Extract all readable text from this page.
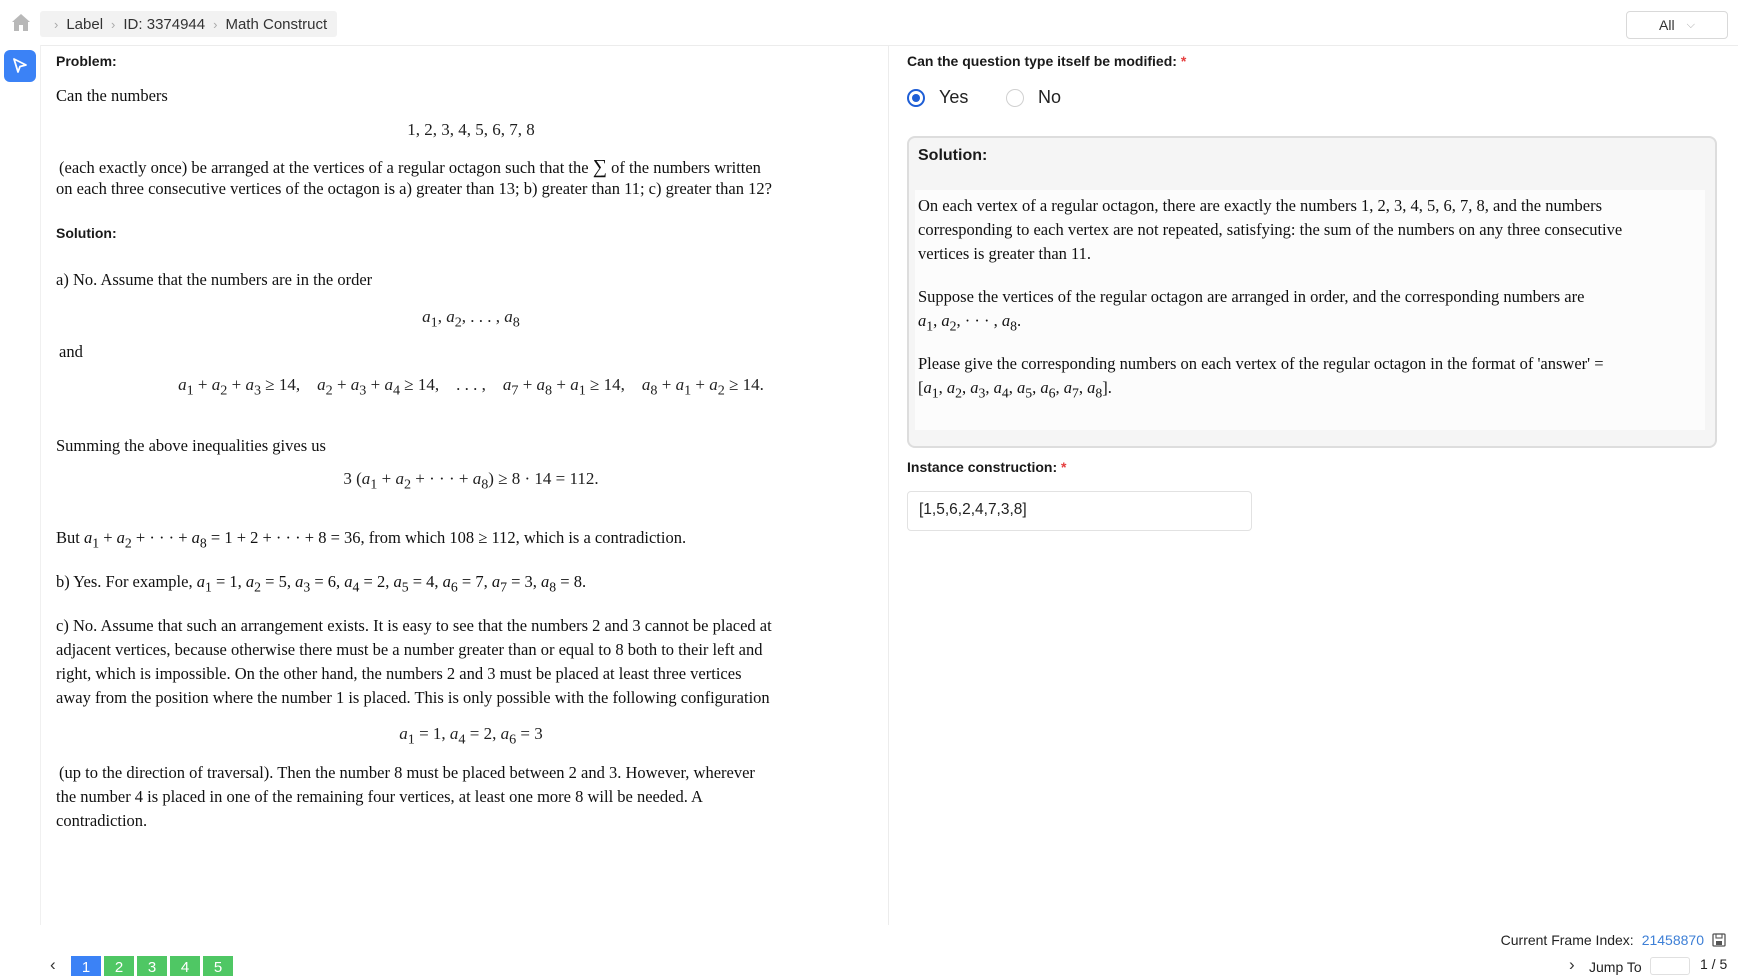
› Label › ID: 3374944 › Math Construct	All ⌵
Problem:
Can the numbers
1, 2, 3, 4, 5, 6, 7, 8
(each exactly once) be arranged at the vertices of a regular octagon such that the ∑ of the numbers written
on each three consecutive vertices of the octagon is a) greater than 13; b) greater than 11; c) greater than 12?
Solution:
a) No. Assume that the numbers are in the order
$a_1$, $a_2$, . . . , $a_8$
and
$a_1 + a_2 + a_3 \ge 14$,    $a_2 + a_3 + a_4 \ge 14$,    . . . ,    $a_7 + a_8 + a_1 \ge 14$,    $a_8 + a_1 + a_2 \ge 14$.
Summing the above inequalities gives us
3 ($a_1 + a_2$ + · · · + $a_8) \ge 8 \cdot 14 = 112$.
But $a_1 + a_2$ + · · · + $a_8 = 1 + 2$ + · · · + 8 = 36, from which 108 ≥ 112, which is a contradiction.
b) Yes. For example, $a_1 = 1$, $a_2 = 5$, $a_3 = 6$, $a_4 = 2$, $a_5 = 4$, $a_6 = 7$, $a_7 = 3$, $a_8 = 8$.
c) No. Assume that such an arrangement exists. It is easy to see that the numbers 2 and 3 cannot be placed at
adjacent vertices, because otherwise there must be a number greater than or equal to 8 both to their left and
right, which is impossible. On the other hand, the numbers 2 and 3 must be placed at least three vertices
away from the position where the number 1 is placed. This is only possible with the following configuration
$a_1 = 1$, $a_4 = 2$, $a_6 = 3$
(up to the direction of traversal). Then the number 8 must be placed between 2 and 3. However, wherever
the number 4 is placed in one of the remaining four vertices, at least one more 8 will be needed. A
contradiction.
Can the question type itself be modified: *
Yes	No
Solution:
On each vertex of a regular octagon, there are exactly the numbers 1, 2, 3, 4, 5, 6, 7, 8, and the numbers
corresponding to each vertex are not repeated, satisfying: the sum of the numbers on any three consecutive
vertices is greater than 11.
Suppose the vertices of the regular octagon are arranged in order, and the corresponding numbers are
$a_1$, $a_2$, · · · , $a_8$.
Please give the corresponding numbers on each vertex of the regular octagon in the format of 'answer' =
[$a_1$, $a_2$, $a_3$, $a_4$, $a_5$, $a_6$, $a_7$, $a_8$].
Instance construction: *
[1,5,6,2,4,7,3,8]
Current Frame Index: 21458870
‹	1	2	3	4	5	› Jump To	1 / 5
